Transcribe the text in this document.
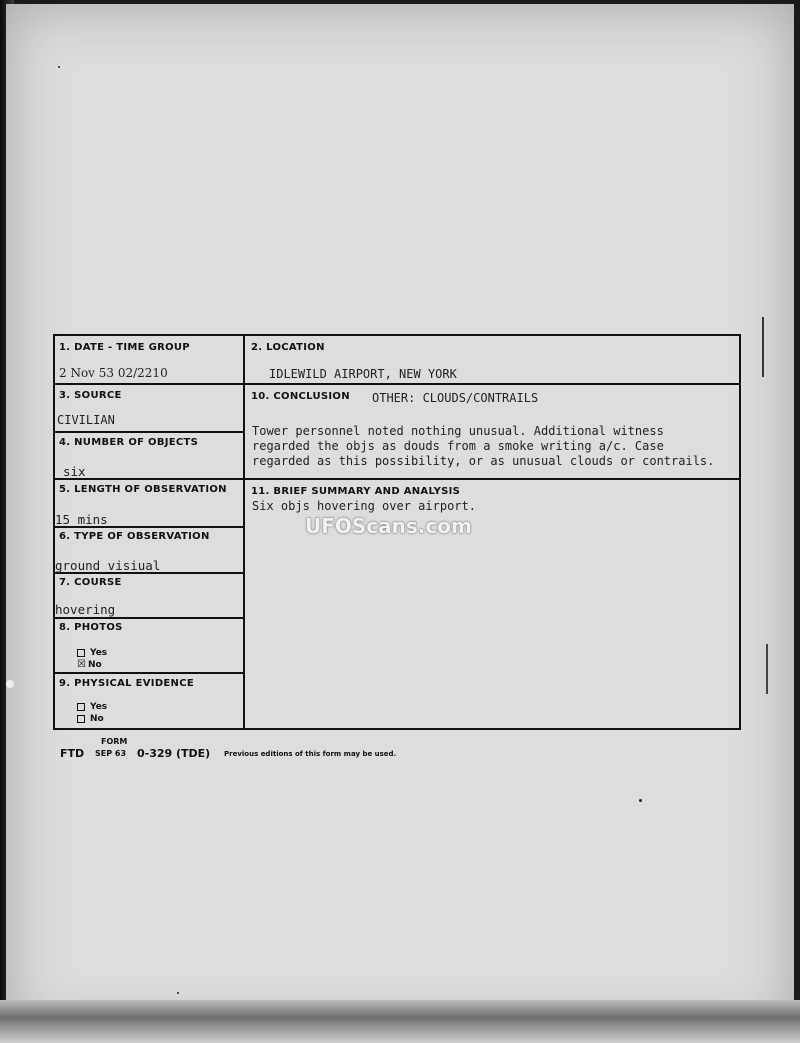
1. DATE - TIME GROUP
2 Nov 53 02/2210
2. LOCATION
IDLEWILD AIRPORT, NEW YORK
3. SOURCE
CIVILIAN
4. NUMBER OF OBJECTS
six
10. CONCLUSION OTHER: CLOUDS/CONTRAILS
Tower personnel noted nothing unusual. Additional witness
regarded the objs as douds from a smoke writing a/c. Case
regarded as this possibility, or as unusual clouds or contrails.
5. LENGTH OF OBSERVATION
15 mins
11. BRIEF SUMMARY AND ANALYSIS
Six objs hovering over airport.
6. TYPE OF OBSERVATION
ground visiual
7. COURSE
hovering
8. PHOTOS
Yes
☒ No
9. PHYSICAL EVIDENCE
Yes
No
FORM
FTD SEP 63 0-329 (TDE) Previous editions of this form may be used.
UFOScans.com
